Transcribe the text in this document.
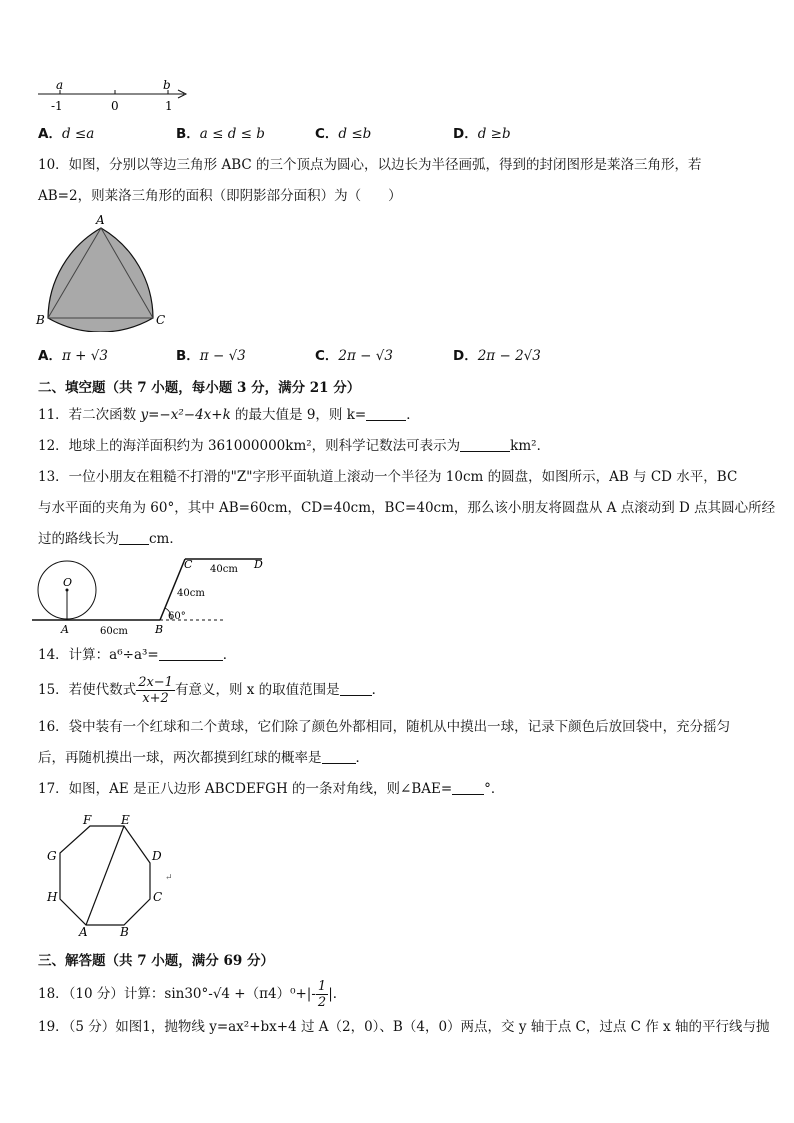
a	b
-1	0	1
A．d ≤a	B．a ≤ d ≤ b	C．d ≤b	D．d ≥b
10．如图，分别以等边三角形 ABC 的三个顶点为圆心，以边长为半径画弧，得到的封闭图形是莱洛三角形，若
AB=2，则莱洛三角形的面积（即阴影部分面积）为（　　）
A
B	C
A．π + √3	B．π − √3	C．2π − √3	D．2π − 2√3
二、填空题（共 7 小题，每小题 3 分，满分 21 分）
11．若二次函数 y=−x²−4x+k 的最大值是 9，则 k=	．
12．地球上的海洋面积约为 361000000km²，则科学记数法可表示为	km²．
13．一位小朋友在粗糙不打滑的"Z"字形平面轨道上滚动一个半径为 10cm 的圆盘，如图所示，AB 与 CD 水平，BC
与水平面的夹角为 60°，其中 AB=60cm，CD=40cm，BC=40cm，那么该小朋友将圆盘从 A 点滚动到 D 点其圆心所经
过的路线长为 cm．
O
A	B
C	D
60cm
40cm
40cm
60°
14．计算：a⁶÷a³=	．
15．若使代数式 $\frac{2x-1}{x+2}$ 有意义，则 x 的取值范围是 ．
16．袋中装有一个红球和二个黄球，它们除了颜色外都相同，随机从中摸出一球，记录下颜色后放回袋中，充分摇匀
后，再随机摸出一球，两次都摸到红球的概率是	．
17．如图，AE 是正八边形 ABCDEFGH 的一条对角线，则∠BAE= °．
A	B
C
D
E
F
G
H
↵
三、解答题（共 7 小题，满分 69 分）
18．（10 分）计算：$\sin 30^\circ-√4 +(\pi 4)^0+|- \frac{1}{2}$ |．
19．（5 分）如图1，抛物线 y=ax²+bx+4 过 A（2，0）、B（4，0）两点，交 y 轴于点 C，过点 C 作 x 轴的平行线与抛
